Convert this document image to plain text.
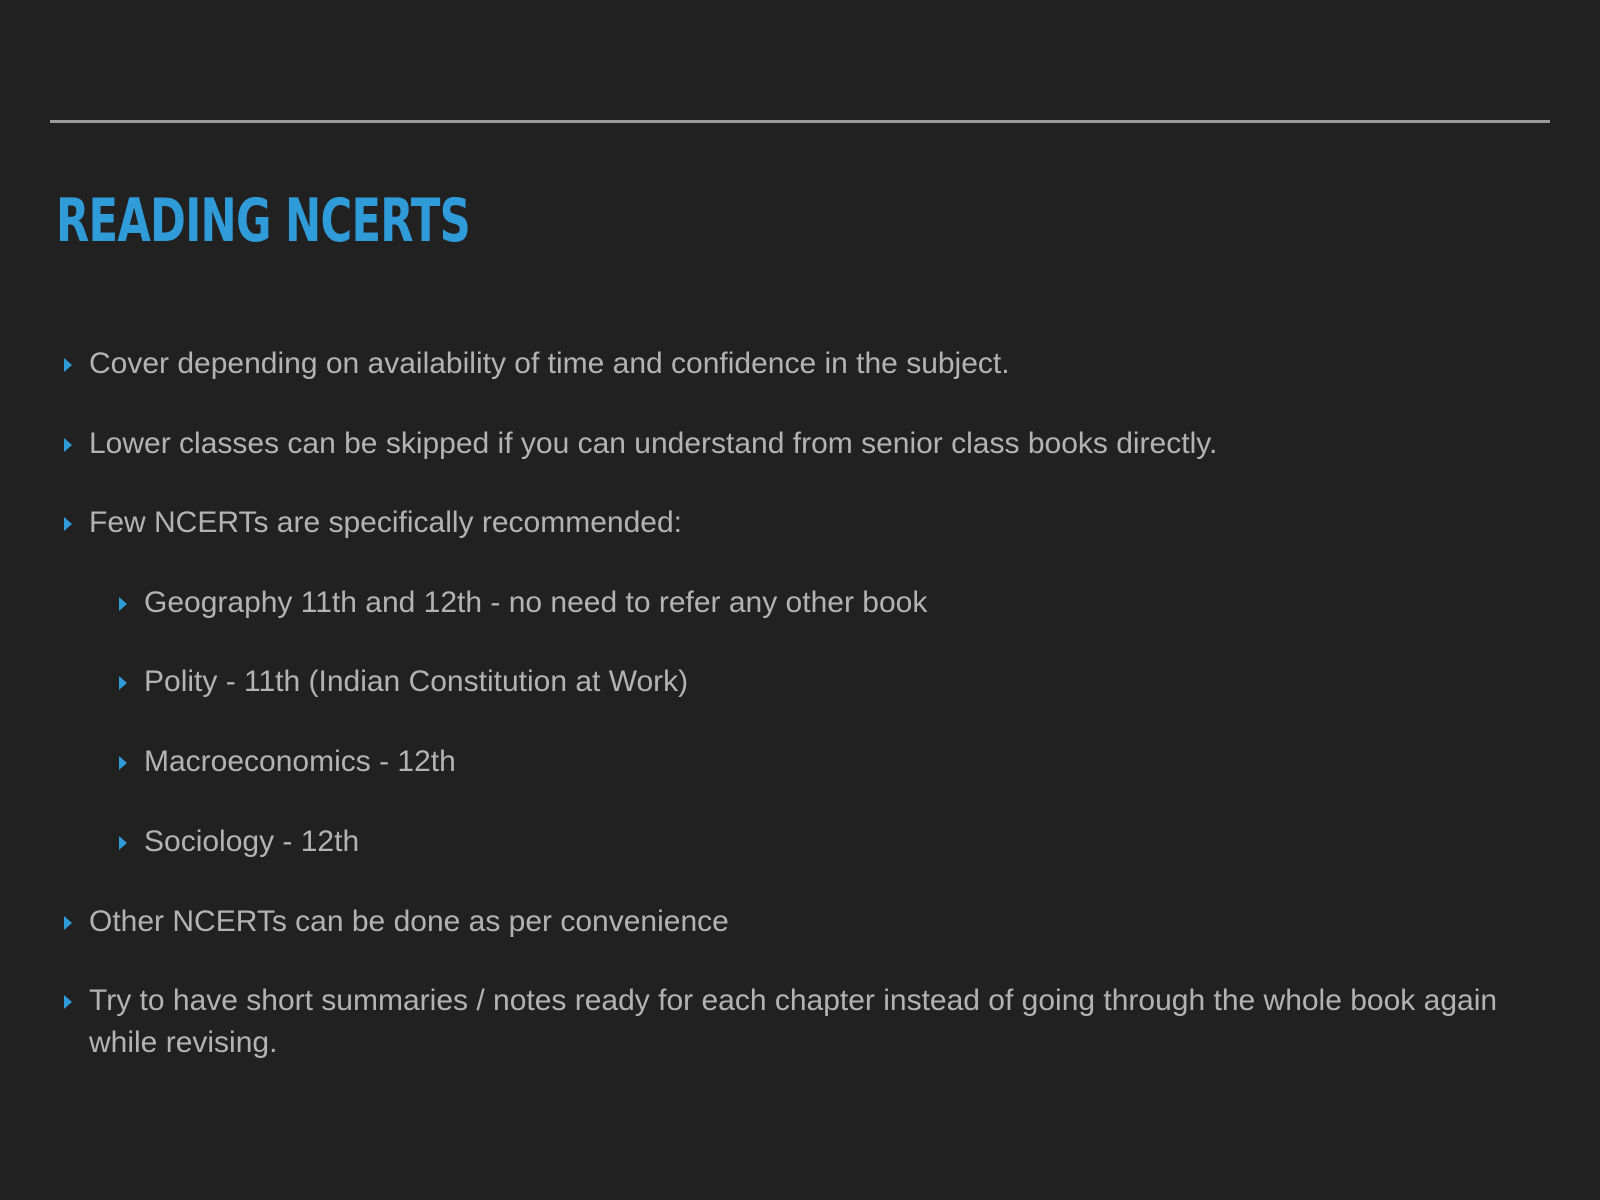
READING NCERTS
Cover depending on availability of time and confidence in the subject.
Lower classes can be skipped if you can understand from senior class books directly.
Few NCERTs are specifically recommended:
Geography 11th and 12th - no need to refer any other book
Polity - 11th (Indian Constitution at Work)
Macroeconomics - 12th
Sociology - 12th
Other NCERTs can be done as per convenience
Try to have short summaries / notes ready for each chapter instead of going through the whole book again while revising.
